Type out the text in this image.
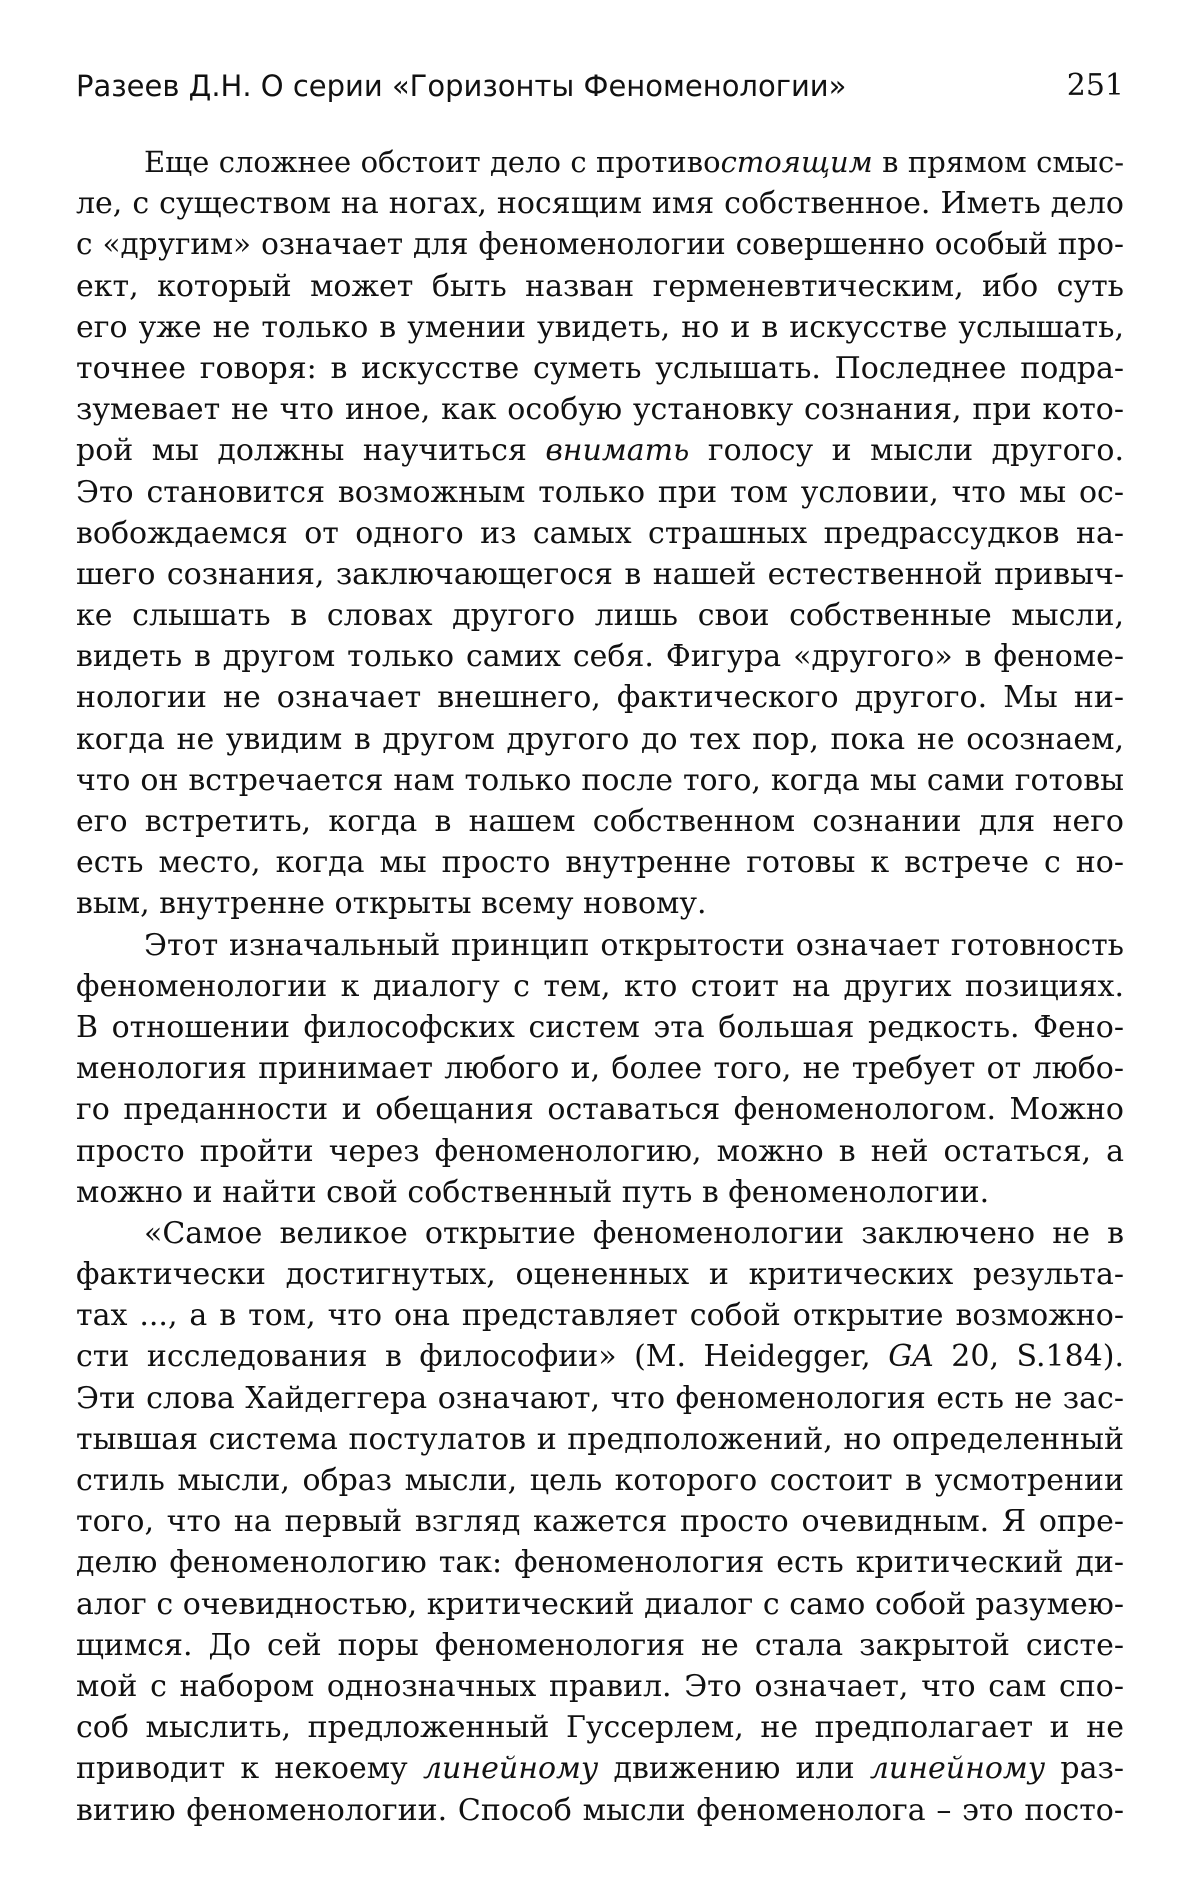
Разеев Д.Н. О серии «Горизонты Феноменологии»	251
Еще сложнее обстоит дело с противостоящим в прямом смыс-
ле, с существом на ногах, носящим имя собственное. Иметь дело
с «другим» означает для феноменологии совершенно особый про-
ект, который может быть назван герменевтическим, ибо суть
его уже не только в умении увидеть, но и в искусстве услышать,
точнее говоря: в искусстве суметь услышать. Последнее подра-
зумевает не что иное, как особую установку сознания, при кото-
рой мы должны научиться внимать голосу и мысли другого.
Это становится возможным только при том условии, что мы ос-
вобождаемся от одного из самых страшных предрассудков на-
шего сознания, заключающегося в нашей естественной привыч-
ке слышать в словах другого лишь свои собственные мысли,
видеть в другом только самих себя. Фигура «другого» в феноме-
нологии не означает внешнего, фактического другого. Мы ни-
когда не увидим в другом другого до тех пор, пока не осознаем,
что он встречается нам только после того, когда мы сами готовы
его встретить, когда в нашем собственном сознании для него
есть место, когда мы просто внутренне готовы к встрече с но-
вым, внутренне открыты всему новому.
Этот изначальный принцип открытости означает готовность
феноменологии к диалогу с тем, кто стоит на других позициях.
В отношении философских систем эта большая редкость. Фено-
менология принимает любого и, более того, не требует от любо-
го преданности и обещания оставаться феноменологом. Можно
просто пройти через феноменологию, можно в ней остаться, а
можно и найти свой собственный путь в феноменологии.
«Самое великое открытие феноменологии заключено не в
фактически достигнутых, оцененных и критических результа-
тах ..., а в том, что она представляет собой открытие возможно-
сти исследования в философии» (M. Heidegger, GA 20, S.184).
Эти слова Хайдеггера означают, что феноменология есть не зас-
тывшая система постулатов и предположений, но определенный
стиль мысли, образ мысли, цель которого состоит в усмотрении
того, что на первый взгляд кажется просто очевидным. Я опре-
делю феноменологию так: феноменология есть критический ди-
алог с очевидностью, критический диалог с само собой разумею-
щимся. До сей поры феноменология не стала закрытой систе-
мой с набором однозначных правил. Это означает, что сам спо-
соб мыслить, предложенный Гуссерлем, не предполагает и не
приводит к некоему линейному движению или линейному раз-
витию феноменологии. Способ мысли феноменолога – это посто-
